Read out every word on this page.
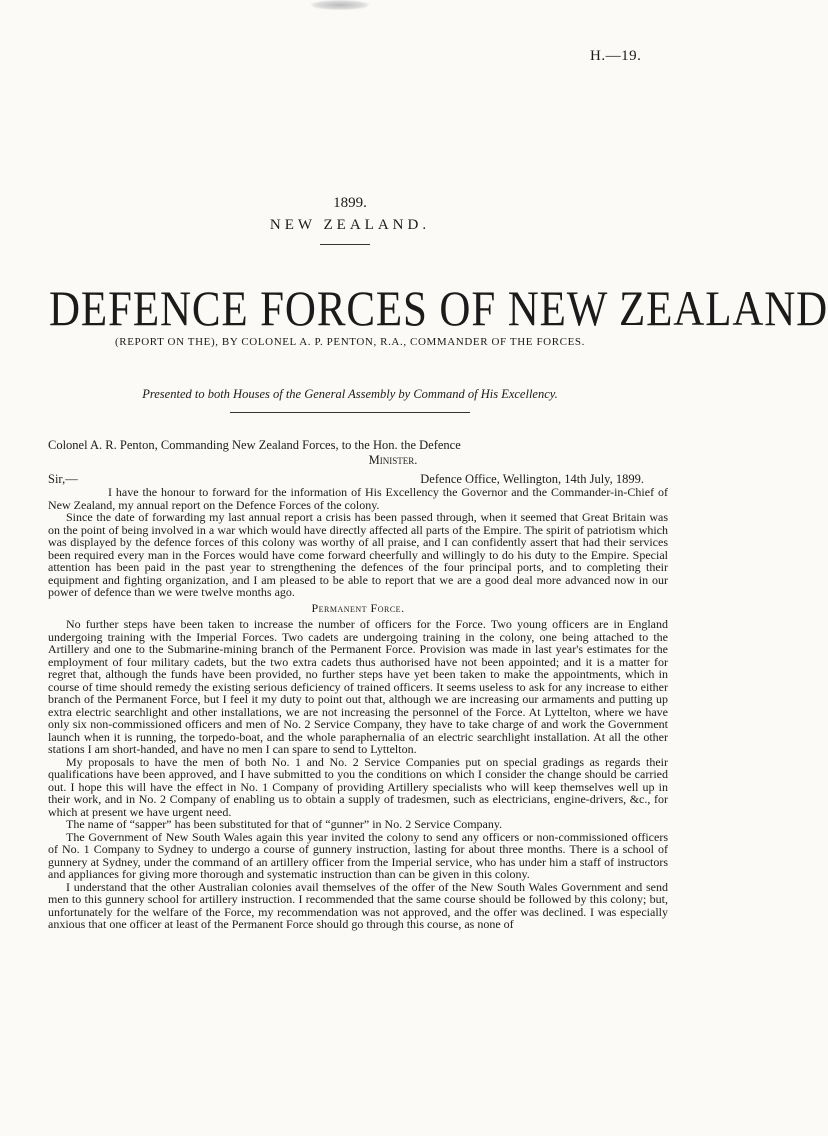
H.—19.
1899.
NEW ZEALAND.
DEFENCE FORCES OF NEW ZEALAND
(REPORT ON THE), BY COLONEL A. P. PENTON, R.A., COMMANDER OF THE FORCES.
Presented to both Houses of the General Assembly by Command of His Excellency.
Colonel A. R. Penton, Commanding New Zealand Forces, to the Hon. the Defence
Minister.
Sir,—	Defence Office, Wellington, 14th July, 1899.

I have the honour to forward for the information of His Excellency the Governor and the Commander-in-Chief of New Zealand, my annual report on the Defence Forces of the colony.

Since the date of forwarding my last annual report a crisis has been passed through, when it seemed that Great Britain was on the point of being involved in a war which would have directly affected all parts of the Empire. The spirit of patriotism which was displayed by the defence forces of this colony was worthy of all praise, and I can confidently assert that had their services been required every man in the Forces would have come forward cheerfully and willingly to do his duty to the Empire. Special attention has been paid in the past year to strengthening the defences of the four principal ports, and to completing their equipment and fighting organization, and I am pleased to be able to report that we are a good deal more advanced now in our power of defence than we were twelve months ago.

Permanent Force.

No further steps have been taken to increase the number of officers for the Force. Two young officers are in England undergoing training with the Imperial Forces. Two cadets are undergoing training in the colony, one being attached to the Artillery and one to the Submarine-mining branch of the Permanent Force. Provision was made in last year's estimates for the employment of four military cadets, but the two extra cadets thus authorised have not been appointed; and it is a matter for regret that, although the funds have been provided, no further steps have yet been taken to make the appointments, which in course of time should remedy the existing serious deficiency of trained officers. It seems useless to ask for any increase to either branch of the Permanent Force, but I feel it my duty to point out that, although we are increasing our armaments and putting up extra electric searchlight and other installations, we are not increasing the personnel of the Force. At Lyttelton, where we have only six non-commissioned officers and men of No. 2 Service Company, they have to take charge of and work the Government launch when it is running, the torpedo-boat, and the whole paraphernalia of an electric searchlight installation. At all the other stations I am short-handed, and have no men I can spare to send to Lyttelton.

My proposals to have the men of both No. 1 and No. 2 Service Companies put on special gradings as regards their qualifications have been approved, and I have submitted to you the conditions on which I consider the change should be carried out. I hope this will have the effect in No. 1 Company of providing Artillery specialists who will keep themselves well up in their work, and in No. 2 Company of enabling us to obtain a supply of tradesmen, such as electricians, engine-drivers, &c., for which at present we have urgent need.

The name of “sapper” has been substituted for that of “gunner” in No. 2 Service Company.

The Government of New South Wales again this year invited the colony to send any officers or non-commissioned officers of No. 1 Company to Sydney to undergo a course of gunnery instruction, lasting for about three months. There is a school of gunnery at Sydney, under the command of an artillery officer from the Imperial service, who has under him a staff of instructors and appliances for giving more thorough and systematic instruction than can be given in this colony.

I understand that the other Australian colonies avail themselves of the offer of the New South Wales Government and send men to this gunnery school for artillery instruction. I recommended that the same course should be followed by this colony; but, unfortunately for the welfare of the Force, my recommendation was not approved, and the offer was declined. I was especially anxious that one officer at least of the Permanent Force should go through this course, as none of
